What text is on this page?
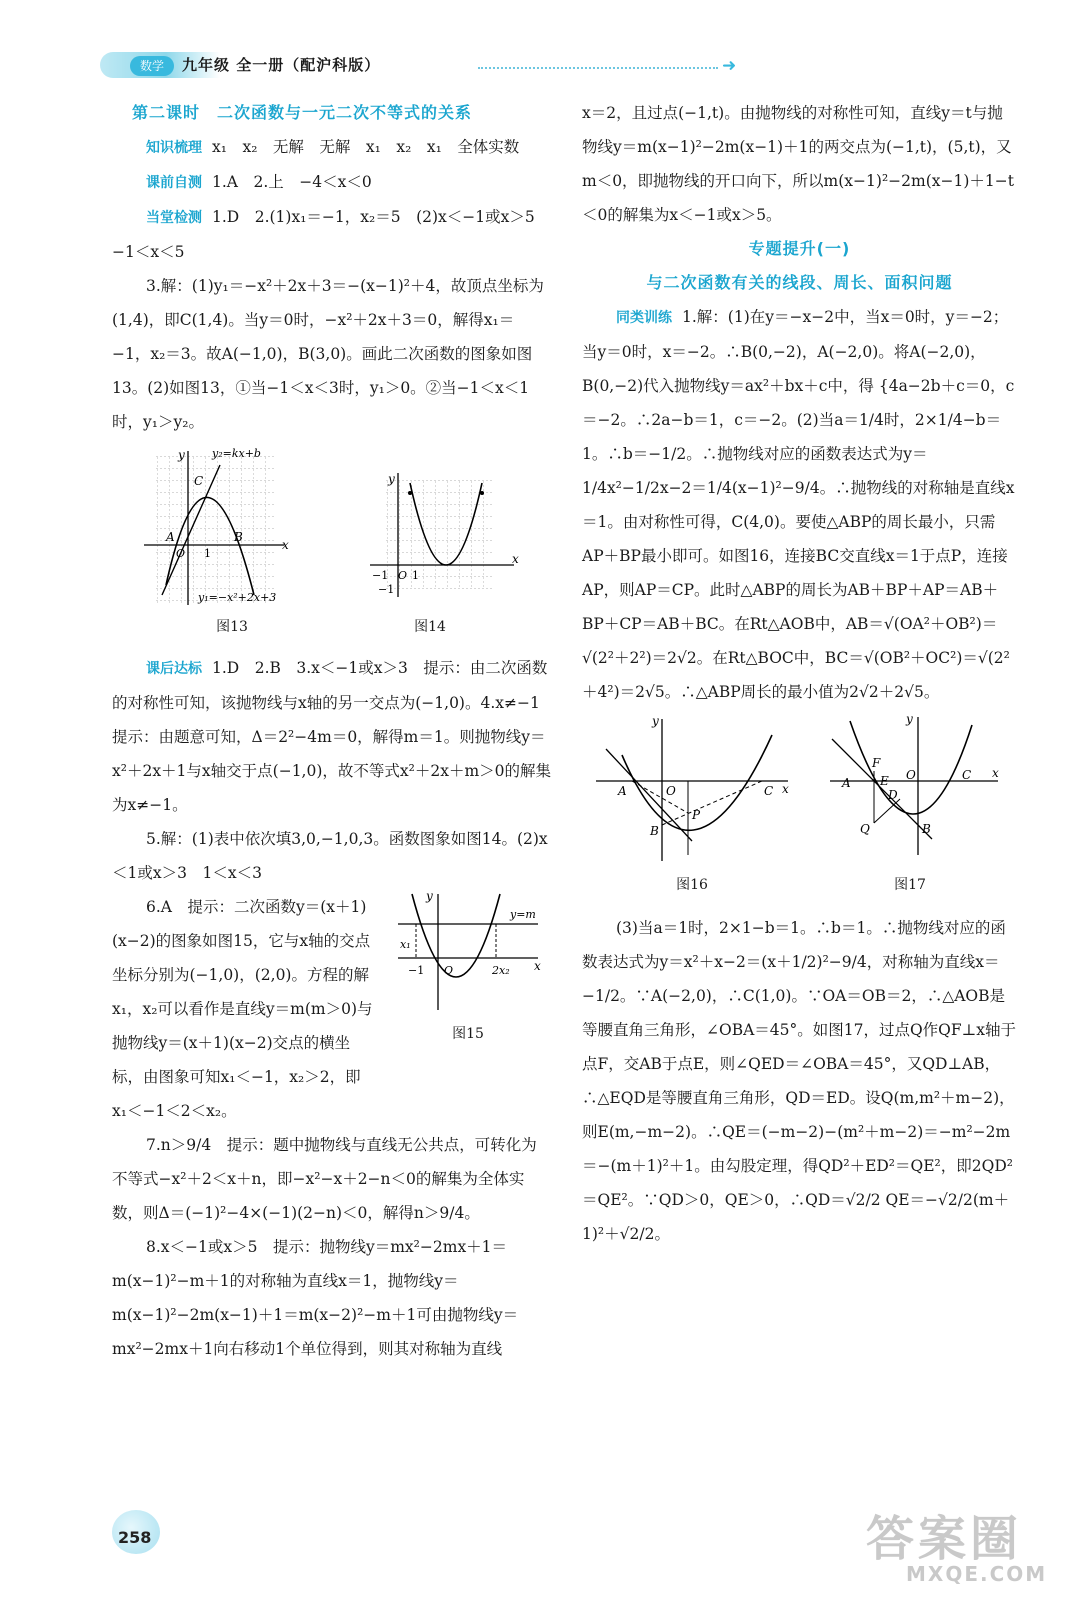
数学	九年级 全一册（配沪科版）	➜

第二课时　二次函数与一元二次不等式的关系

知识梳理 x₁　x₂　无解　无解　x₁　x₂　x₁　全体实数

课前自测 1.A　2.上　−4＜x＜0

当堂检测 1.D　2.(1)x₁＝−1，x₂＝5　(2)x＜−1或x＞5　−1＜x＜5

3.解：(1)y₁＝−x²＋2x＋3＝−(x−1)²＋4，故顶点坐标为(1,4)，即C(1,4)。当y＝0时，−x²＋2x＋3＝0，解得x₁＝−1，x₂＝3。故A(−1,0)，B(3,0)。画此二次函数的图象如图13。(2)如图13，①当−1＜x＜3时，y₁＞0。②当−1＜x＜1时，y₁＞y₂。

C
A	B
O 1
x
y y₂=kx+b
y₁=−x²+2x+3
图13
x
y
−1 O 1
−1
图14

课后达标 1.D　2.B　3.x＜−1或x＞3　提示：由二次函数的对称性可知，该抛物线与x轴的另一交点为(−1,0)。4.x≠−1　提示：由题意可知，Δ＝2²−4m＝0，解得m＝1。则抛物线y＝x²＋2x＋1与x轴交于点(−1,0)，故不等式x²＋2x＋m＞0的解集为x≠−1。

5.解：(1)表中依次填3,0,−1,0,3。函数图象如图14。(2)x＜1或x＞3　1＜x＜3

6.A　提示：二次函数y＝(x＋1)(x−2)的图象如图15，它与x轴的交点坐标分别为(−1,0)，(2,0)。方程的解x₁，x₂可以看作是直线y＝m(m＞0)与抛物线y＝(x＋1)(x−2)交点的横坐标，由图象可知x₁＜−1，x₂＞2，即x₁＜−1＜2＜x₂。

y=m
y
x
x₁
−1 O	2x₂
图15

7.n＞9/4　提示：题中抛物线与直线无公共点，可转化为不等式−x²＋2＜x＋n，即−x²−x＋2−n＜0的解集为全体实数，则Δ＝(−1)²−4×(−1)(2−n)＜0，解得n＞9/4。

8.x＜−1或x＞5　提示：抛物线y＝mx²−2mx＋1＝m(x−1)²−m＋1的对称轴为直线x＝1，抛物线y＝m(x−1)²−2m(x−1)＋1＝m(x−2)²−m＋1可由抛物线y＝mx²−2mx＋1向右移动1个单位得到，则其对称轴为直线

x＝2，且过点(−1,t)。由抛物线的对称性可知，直线y＝t与抛物线y＝m(x−1)²−2m(x−1)＋1的两交点为(−1,t)，(5,t)，又m＜0，即抛物线的开口向下，所以m(x−1)²−2m(x−1)＋1−t＜0的解集为x＜−1或x＞5。

专题提升(一)

与二次函数有关的线段、周长、面积问题

同类训练 1.解：(1)在y＝−x−2中，当x＝0时，y＝−2；当y＝0时，x＝−2。∴B(0,−2)，A(−2,0)。将A(−2,0)，B(0,−2)代入抛物线y＝ax²＋bx＋c中，得 {4a−2b＋c＝0，c＝−2。∴2a−b＝1，c＝−2。(2)当a＝1/4时，2×1/4−b＝1。∴b＝−1/2。∴抛物线对应的函数表达式为y＝1/4x²−1/2x−2＝1/4(x−1)²−9/4。∴抛物线的对称轴是直线x＝1。由对称性可得，C(4,0)。要使△ABP的周长最小，只需AP＋BP最小即可。如图16，连接BC交直线x＝1于点P，连接AP，则AP＝CP。此时△ABP的周长为AB＋BP＋AP＝AB＋BP＋CP＝AB＋BC。在Rt△AOB中，AB＝√(OA²＋OB²)＝√(2²＋2²)＝2√2。在Rt△BOC中，BC＝√(OB²＋OC²)＝√(2²＋4²)＝2√5。∴△ABP周长的最小值为2√2＋2√5。

y
x
A	O	C
B
P
图16
y
x
F
A E
D
O	C
Q	B
图17

(3)当a＝1时，2×1−b＝1。∴b＝1。∴抛物线对应的函数表达式为y＝x²＋x−2＝(x＋1/2)²−9/4，对称轴为直线x＝−1/2。∵A(−2,0)，∴C(1,0)。∵OA＝OB＝2，∴△AOB是等腰直角三角形，∠OBA＝45°。如图17，过点Q作QF⊥x轴于点F，交AB于点E，则∠QED＝∠OBA＝45°，又QD⊥AB，∴△EQD是等腰直角三角形，QD＝ED。设Q(m,m²＋m−2)，则E(m,−m−2)。∴QE＝(−m−2)−(m²＋m−2)＝−m²−2m＝−(m＋1)²＋1。由勾股定理，得QD²＋ED²＝QE²，即2QD²＝QE²。∵QD＞0，QE＞0，∴QD＝√2/2 QE＝−√2/2(m＋1)²＋√2/2。

258	答案圈
MXQE.COM
